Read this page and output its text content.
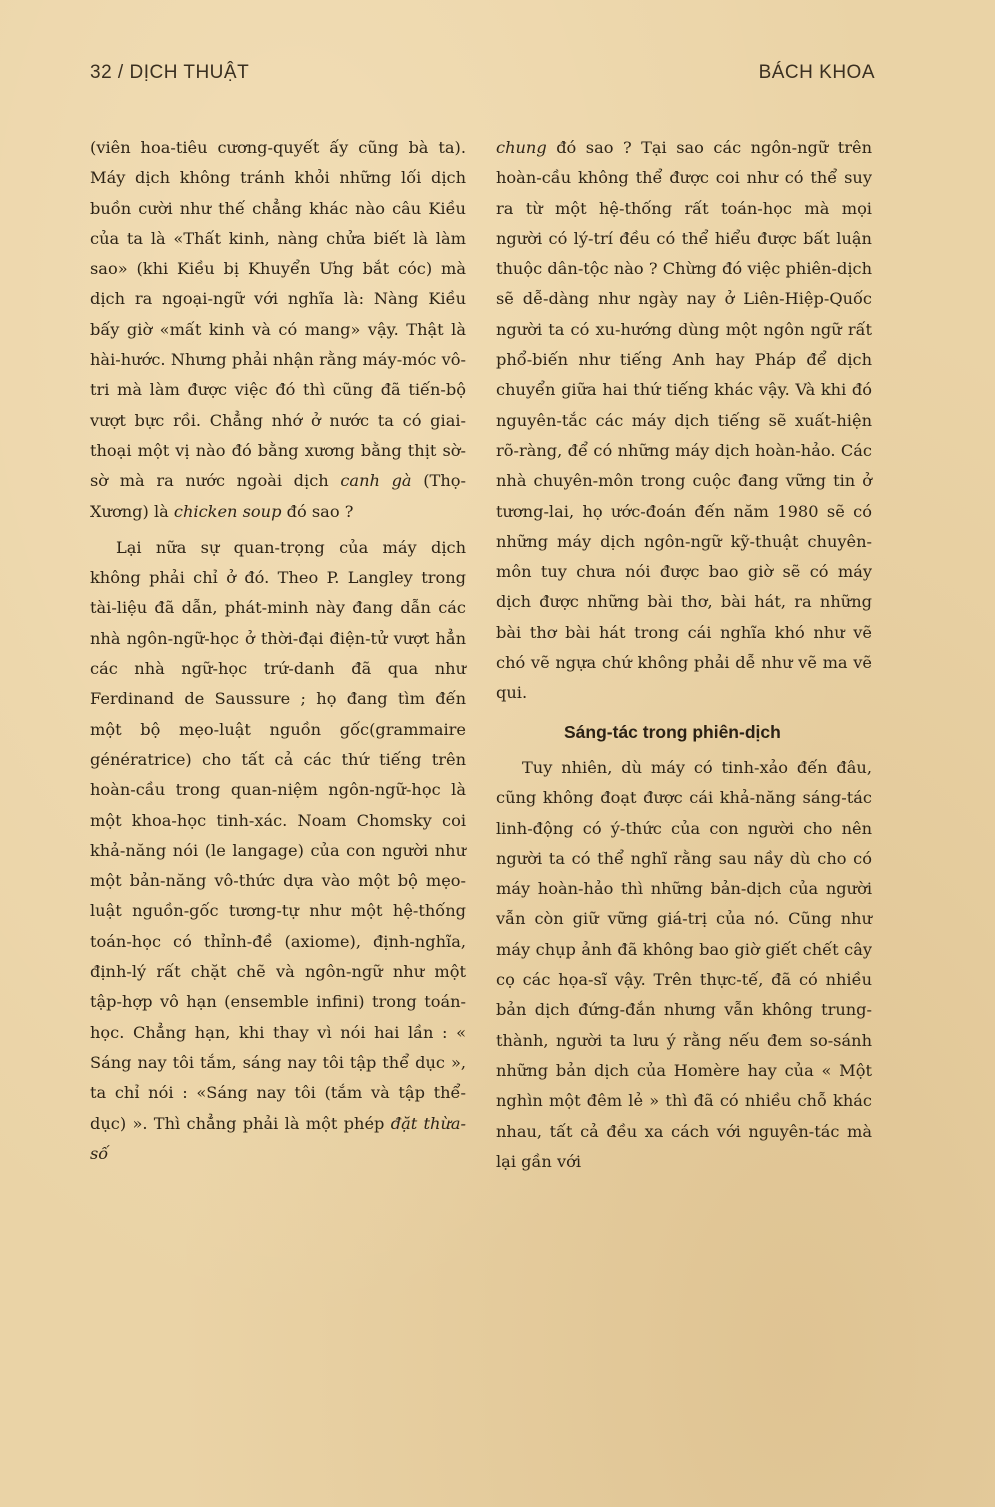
32 / DỊCH THUẬT	BÁCH KHOA

(viên hoa-tiêu cương-quyết ấy cũng bà ta). Máy dịch không tránh khỏi những lối dịch buồn cười như thế chẳng khác nào câu Kiều của ta là «Thất kinh, nàng chửa biết là làm sao» (khi Kiều bị Khuyển Ưng bắt cóc) mà dịch ra ngoại-ngữ với nghĩa là: Nàng Kiều bấy giờ «mất kinh và có mang» vậy. Thật là hài-hước. Nhưng phải nhận rằng máy-móc vô-tri mà làm được việc đó thì cũng đã tiến-bộ vượt bực rồi. Chẳng nhớ ở nước ta có giai-thoại một vị nào đó bằng xương bằng thịt sờ-sờ mà ra nước ngoài dịch canh gà (Thọ-Xương) là chicken soup đó sao ?

Lại nữa sự quan-trọng của máy dịch không phải chỉ ở đó. Theo P. Langley trong tài-liệu đã dẫn, phát-minh này đang dẫn các nhà ngôn-ngữ-học ở thời-đại điện-tử vượt hẳn các nhà ngữ-học trứ-danh đã qua như Ferdinand de Saussure ; họ đang tìm đến một bộ mẹo-luật nguồn gốc(grammaire génératrice) cho tất cả các thứ tiếng trên hoàn-cầu trong quan-niệm ngôn-ngữ-học là một khoa-học tinh-xác. Noam Chomsky coi khả-năng nói (le langage) của con người như một bản-năng vô-thức dựa vào một bộ mẹo-luật nguồn-gốc tương-tự như một hệ-thống toán-học có thỉnh-đề (axiome), định-nghĩa, định-lý rất chặt chẽ và ngôn-ngữ như một tập-hợp vô hạn (ensemble infini) trong toán-học. Chẳng hạn, khi thay vì nói hai lần : « Sáng nay tôi tắm, sáng nay tôi tập thể dục », ta chỉ nói : «Sáng nay tôi (tắm và tập thể-dục) ». Thì chẳng phải là một phép đặt thừa-số

chung đó sao ? Tại sao các ngôn-ngữ trên hoàn-cầu không thể được coi như có thể suy ra từ một hệ-thống rất toán-học mà mọi người có lý-trí đều có thể hiểu được bất luận thuộc dân-tộc nào ? Chừng đó việc phiên-dịch sẽ dễ-dàng như ngày nay ở Liên-Hiệp-Quốc người ta có xu-hướng dùng một ngôn ngữ rất phổ-biến như tiếng Anh hay Pháp để dịch chuyển giữa hai thứ tiếng khác vậy. Và khi đó nguyên-tắc các máy dịch tiếng sẽ xuất-hiện rõ-ràng, để có những máy dịch hoàn-hảo. Các nhà chuyên-môn trong cuộc đang vững tin ở tương-lai, họ ước-đoán đến năm 1980 sẽ có những máy dịch ngôn-ngữ kỹ-thuật chuyên-môn tuy chưa nói được bao giờ sẽ có máy dịch được những bài thơ, bài hát, ra những bài thơ bài hát trong cái nghĩa khó như vẽ chó vẽ ngựa chứ không phải dễ như vẽ ma vẽ qui.

Sáng-tác trong phiên-dịch

Tuy nhiên, dù máy có tinh-xảo đến đâu, cũng không đoạt được cái khả-năng sáng-tác linh-động có ý-thức của con người cho nên người ta có thể nghĩ rằng sau nầy dù cho có máy hoàn-hảo thì những bản-dịch của người vẫn còn giữ vững giá-trị của nó. Cũng như máy chụp ảnh đã không bao giờ giết chết cây cọ các họa-sĩ vậy. Trên thực-tế, đã có nhiều bản dịch đứng-đắn nhưng vẫn không trung-thành, người ta lưu ý rằng nếu đem so-sánh những bản dịch của Homère hay của « Một nghìn một đêm lẻ » thì đã có nhiều chỗ khác nhau, tất cả đều xa cách với nguyên-tác mà lại gần với
